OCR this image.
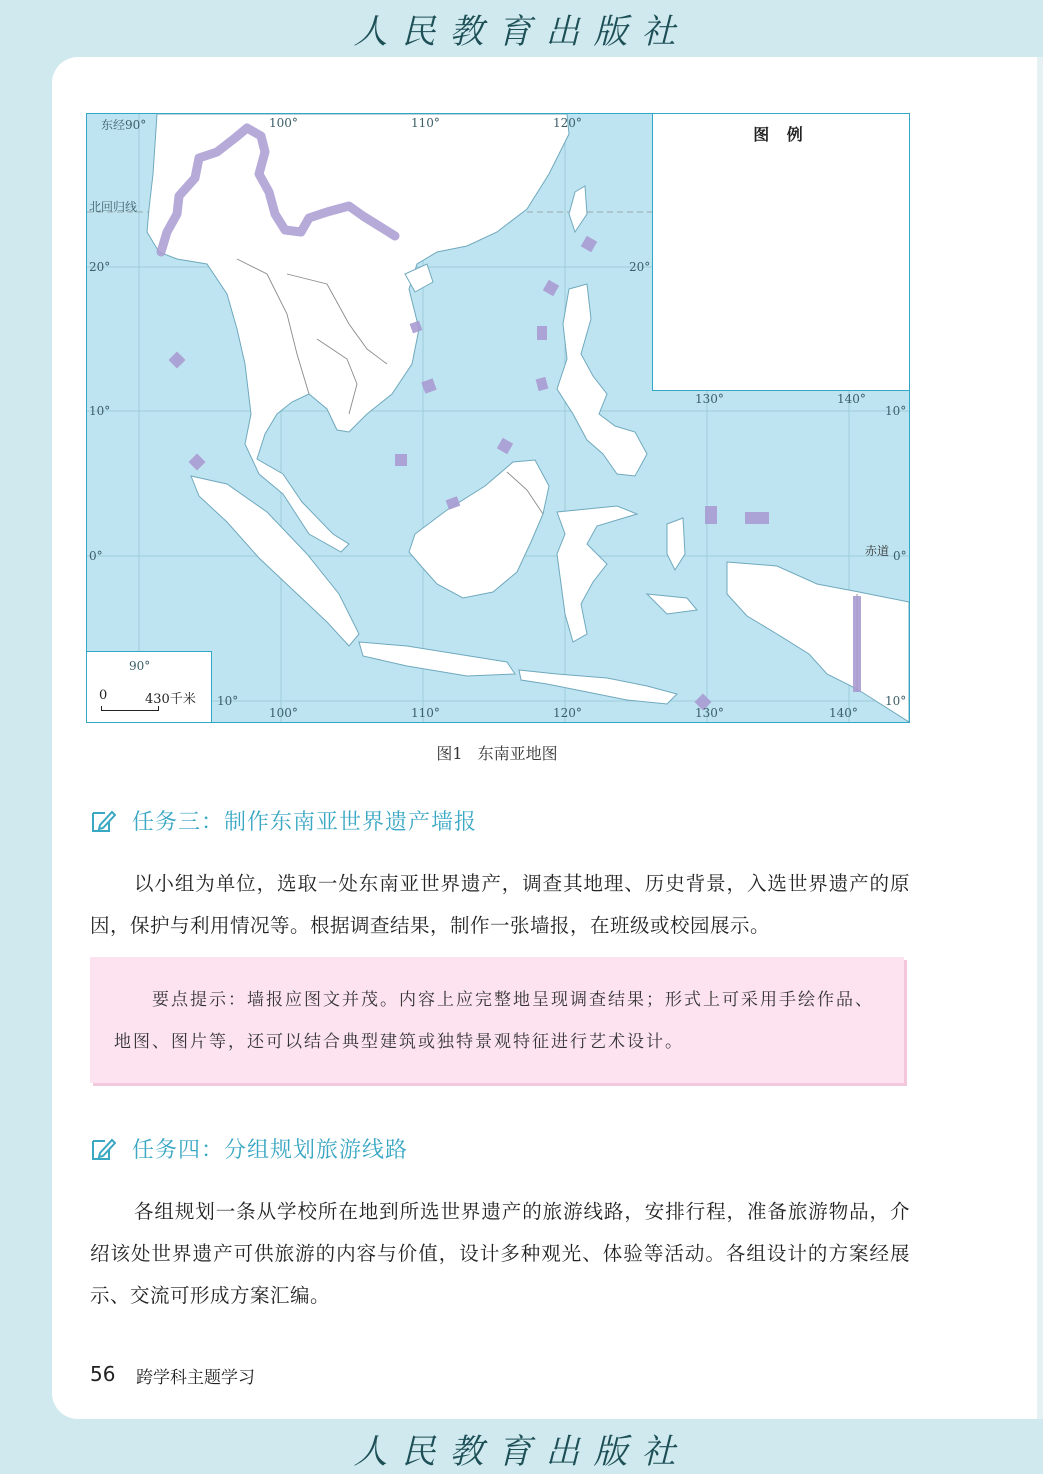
人民教育出版社
图 例
0	430千米
东经90°	100°	110°	120°
北回归线
20°	20°
130°	140°
10°	10°
赤道
0°	0°
90°
10°	10°
100°	110°	120°	130°	140°
图1 东南亚地图
任务三：制作东南亚世界遗产墙报
以小组为单位，选取一处东南亚世界遗产，调查其地理、历史背景，入选世界遗产的原因，保护与利用情况等。根据调查结果，制作一张墙报，在班级或校园展示。
要点提示：墙报应图文并茂。内容上应完整地呈现调查结果；形式上可采用手绘作品、地图、图片等，还可以结合典型建筑或独特景观特征进行艺术设计。
任务四：分组规划旅游线路
各组规划一条从学校所在地到所选世界遗产的旅游线路，安排行程，准备旅游物品，介绍该处世界遗产可供旅游的内容与价值，设计多种观光、体验等活动。各组设计的方案经展示、交流可形成方案汇编。
56 跨学科主题学习
人民教育出版社
